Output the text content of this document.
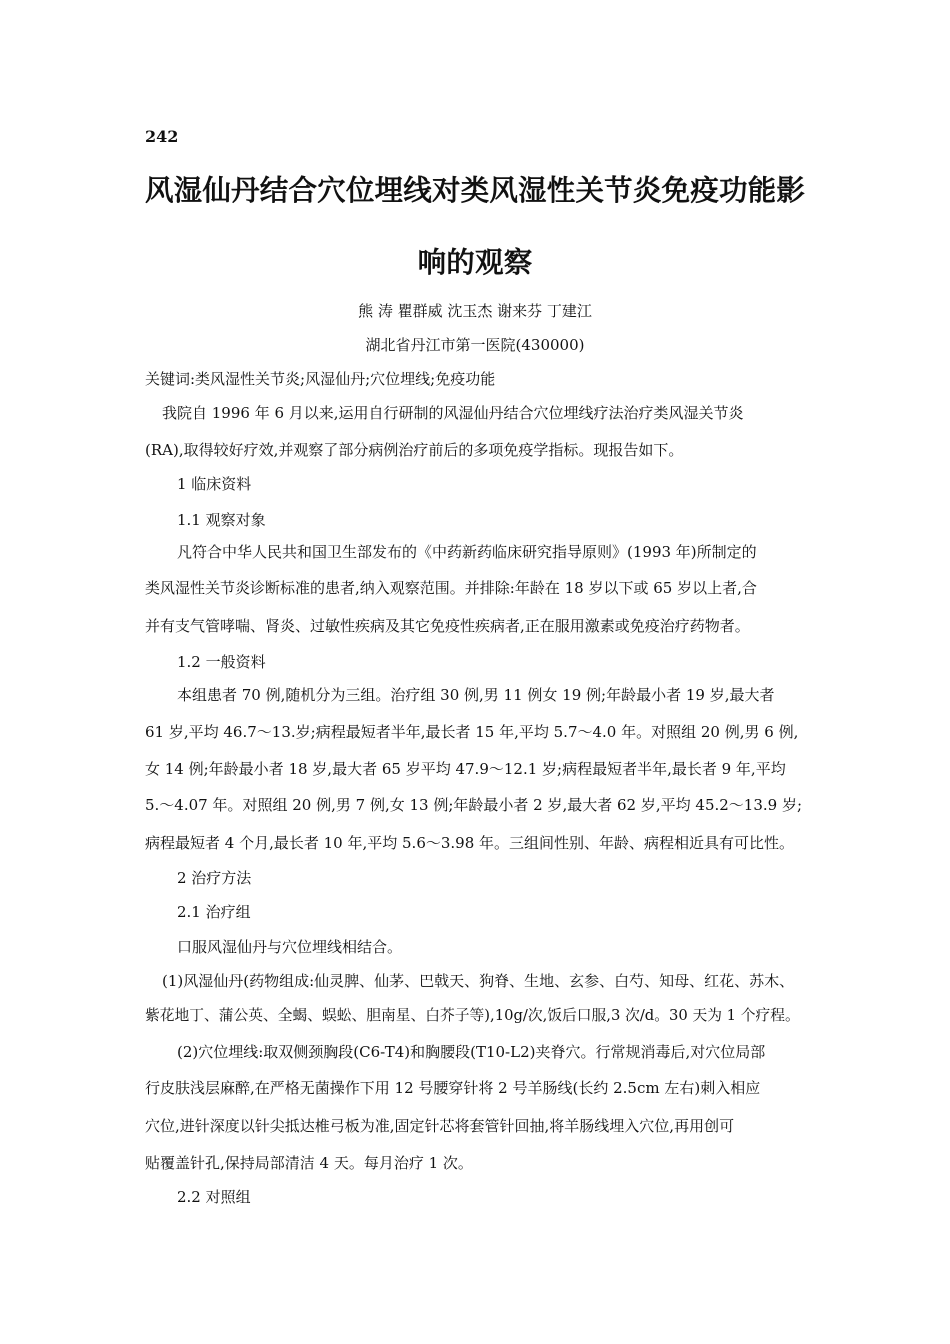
242
风湿仙丹结合穴位埋线对类风湿性关节炎免疫功能影
响的观察
熊 涛 瞿群威 沈玉杰 谢来芬 丁建江
湖北省丹江市第一医院(430000)
关键词:类风湿性关节炎;风湿仙丹;穴位埋线;免疫功能
我院自 1996 年 6 月以来,运用自行研制的风湿仙丹结合穴位埋线疗法治疗类风湿关节炎
(RA),取得较好疗效,并观察了部分病例治疗前后的多项免疫学指标。现报告如下。
1 临床资料
1.1 观察对象
凡符合中华人民共和国卫生部发布的《中药新药临床研究指导原则》(1993 年)所制定的
类风湿性关节炎诊断标准的患者,纳入观察范围。并排除:年龄在 18 岁以下或 65 岁以上者,合
并有支气管哮喘、肾炎、过敏性疾病及其它免疫性疾病者,正在服用激素或免疫治疗药物者。
1.2 一般资料
本组患者 70 例,随机分为三组。治疗组 30 例,男 11 例女 19 例;年龄最小者 19 岁,最大者
61 岁,平均 46.7～13.岁;病程最短者半年,最长者 15 年,平均 5.7～4.0 年。对照组 20 例,男 6 例,
女 14 例;年龄最小者 18 岁,最大者 65 岁平均 47.9～12.1 岁;病程最短者半年,最长者 9 年,平均
5.～4.07 年。对照组 20 例,男 7 例,女 13 例;年龄最小者 2 岁,最大者 62 岁,平均 45.2～13.9 岁;
病程最短者 4 个月,最长者 10 年,平均 5.6～3.98 年。三组间性别、年龄、病程相近具有可比性。
2 治疗方法
2.1 治疗组
口服风湿仙丹与穴位埋线相结合。
(1)风湿仙丹(药物组成:仙灵脾、仙茅、巴戟天、狗脊、生地、玄参、白芍、知母、红花、苏木、
紫花地丁、蒲公英、全蝎、蜈蚣、胆南星、白芥子等),10g/次,饭后口服,3 次/d。30 天为 1 个疗程。
(2)穴位埋线:取双侧颈胸段(C6-T4)和胸腰段(T10-L2)夹脊穴。行常规消毒后,对穴位局部
行皮肤浅层麻醉,在严格无菌操作下用 12 号腰穿针将 2 号羊肠线(长约 2.5cm 左右)刺入相应
穴位,进针深度以针尖抵达椎弓板为准,固定针芯将套管针回抽,将羊肠线埋入穴位,再用创可
贴覆盖针孔,保持局部清洁 4 天。每月治疗 1 次。
2.2 对照组
